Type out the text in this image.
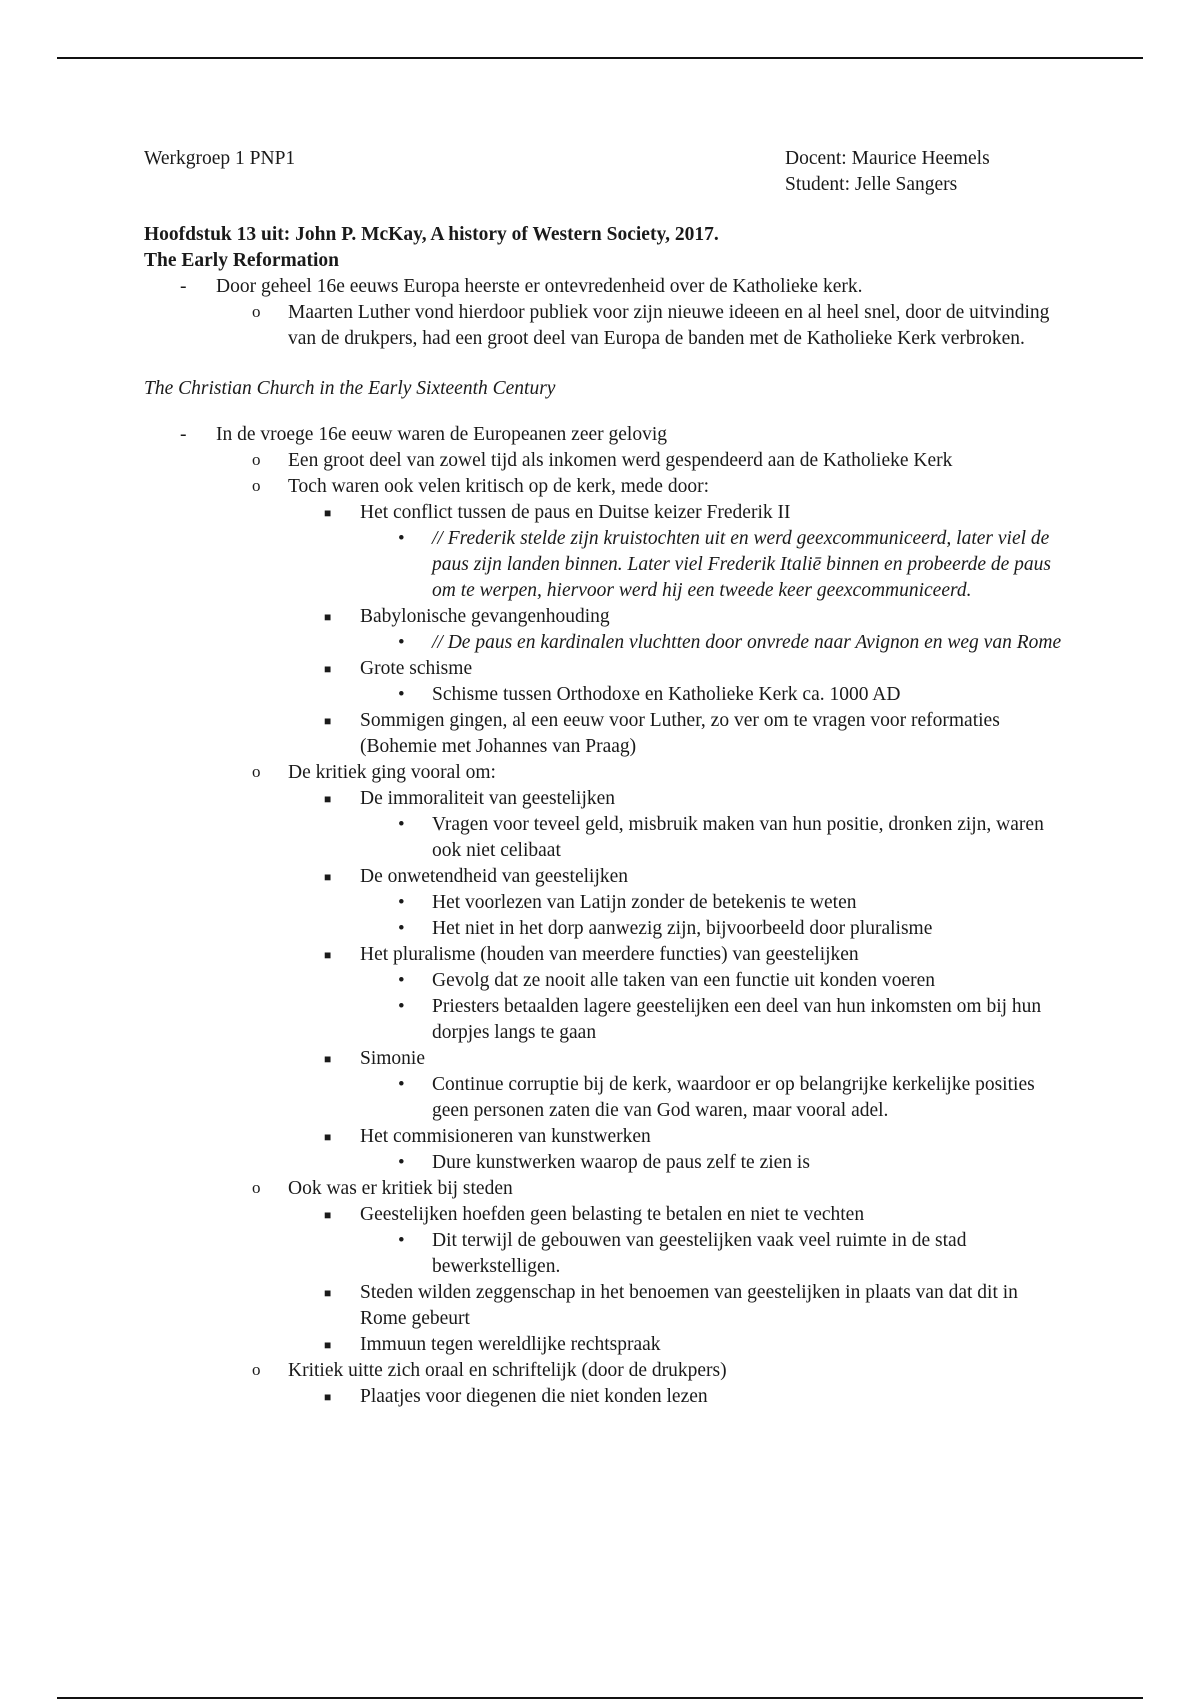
Werkgroep 1 PNP1	Docent: Maurice Heemels
Student: Jelle Sangers
Hoofdstuk 13 uit: John P. McKay, A history of Western Society, 2017.
The Early Reformation
-	Door geheel 16e eeuws Europa heerste er ontevredenheid over de Katholieke kerk.
o Maarten Luther vond hierdoor publiek voor zijn nieuwe ideeen en al heel snel, door de uitvinding van de drukpers, had een groot deel van Europa de banden met de Katholieke Kerk verbroken.
The Christian Church in the Early Sixteenth Century
-	In de vroege 16e eeuw waren de Europeanen zeer gelovig
o Een groot deel van zowel tijd als inkomen werd gespendeerd aan de Katholieke Kerk
o Toch waren ook velen kritisch op de kerk, mede door:
■ Het conflict tussen de paus en Duitse keizer Frederik II
• // Frederik stelde zijn kruistochten uit en werd geexcommuniceerd, later viel de paus zijn landen binnen. Later viel Frederik Italiē binnen en probeerde de paus om te werpen, hiervoor werd hij een tweede keer geexcommuniceerd.
■ Babylonische gevangenhouding
• // De paus en kardinalen vluchtten door onvrede naar Avignon en weg van Rome
■ Grote schisme
• Schisme tussen Orthodoxe en Katholieke Kerk ca. 1000 AD
■ Sommigen gingen, al een eeuw voor Luther, zo ver om te vragen voor reformaties (Bohemie met Johannes van Praag)
o De kritiek ging vooral om:
■ De immoraliteit van geestelijken
• Vragen voor teveel geld, misbruik maken van hun positie, dronken zijn, waren ook niet celibaat
■ De onwetendheid van geestelijken
• Het voorlezen van Latijn zonder de betekenis te weten
• Het niet in het dorp aanwezig zijn, bijvoorbeeld door pluralisme
■ Het pluralisme (houden van meerdere functies) van geestelijken
• Gevolg dat ze nooit alle taken van een functie uit konden voeren
• Priesters betaalden lagere geestelijken een deel van hun inkomsten om bij hun dorpjes langs te gaan
■ Simonie
• Continue corruptie bij de kerk, waardoor er op belangrijke kerkelijke posities geen personen zaten die van God waren, maar vooral adel.
■ Het commisioneren van kunstwerken
• Dure kunstwerken waarop de paus zelf te zien is
o Ook was er kritiek bij steden
■ Geestelijken hoefden geen belasting te betalen en niet te vechten
• Dit terwijl de gebouwen van geestelijken vaak veel ruimte in de stad bewerkstelligen.
■ Steden wilden zeggenschap in het benoemen van geestelijken in plaats van dat dit in Rome gebeurt
■ Immuun tegen wereldlijke rechtspraak
o Kritiek uitte zich oraal en schriftelijk (door de drukpers)
■ Plaatjes voor diegenen die niet konden lezen
